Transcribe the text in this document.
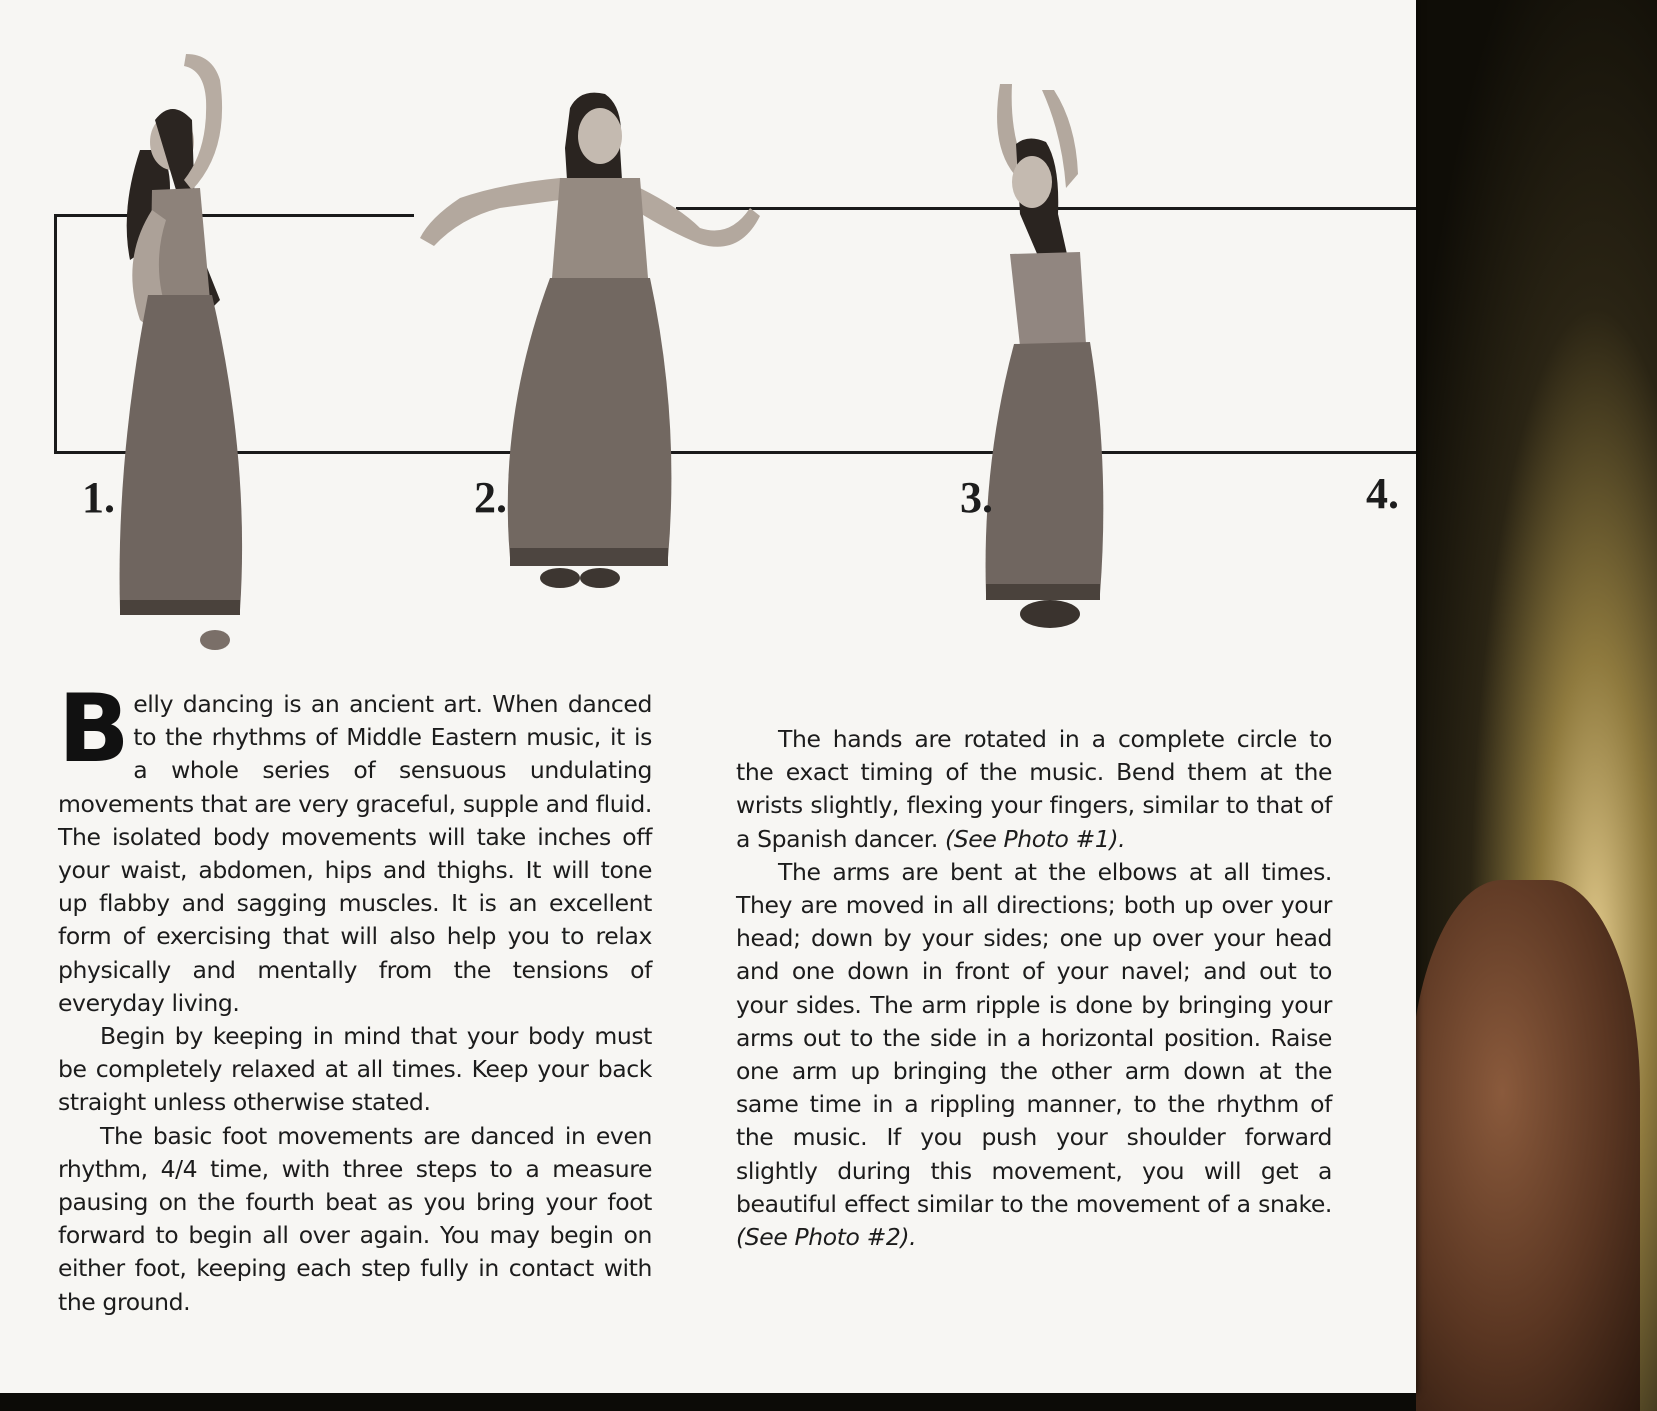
1.	2.	3.	4.

Belly dancing is an ancient art. When danced to the rhythms of Middle Eastern music, it is a whole series of sensuous undulating movements that are very graceful, supple and fluid. The isolated body movements will take inches off your waist, abdomen, hips and thighs. It will tone up flabby and sagging muscles. It is an excellent form of exercising that will also help you to relax physically and mentally from the tensions of everyday living.

Begin by keeping in mind that your body must be completely relaxed at all times. Keep your back straight unless otherwise stated.

The basic foot movements are danced in even rhythm, 4/4 time, with three steps to a measure pausing on the fourth beat as you bring your foot forward to begin all over again. You may begin on either foot, keeping each step fully in contact with the ground.

The hands are rotated in a complete circle to the exact timing of the music. Bend them at the wrists slightly, flexing your fingers, similar to that of a Spanish dancer. (See Photo #1).

The arms are bent at the elbows at all times. They are moved in all directions; both up over your head; down by your sides; one up over your head and one down in front of your navel; and out to your sides. The arm ripple is done by bringing your arms out to the side in a horizontal position. Raise one arm up bringing the other arm down at the same time in a rippling manner, to the rhythm of the music. If you push your shoulder forward slightly during this movement, you will get a beautiful effect similar to the movement of a snake. (See Photo #2).
